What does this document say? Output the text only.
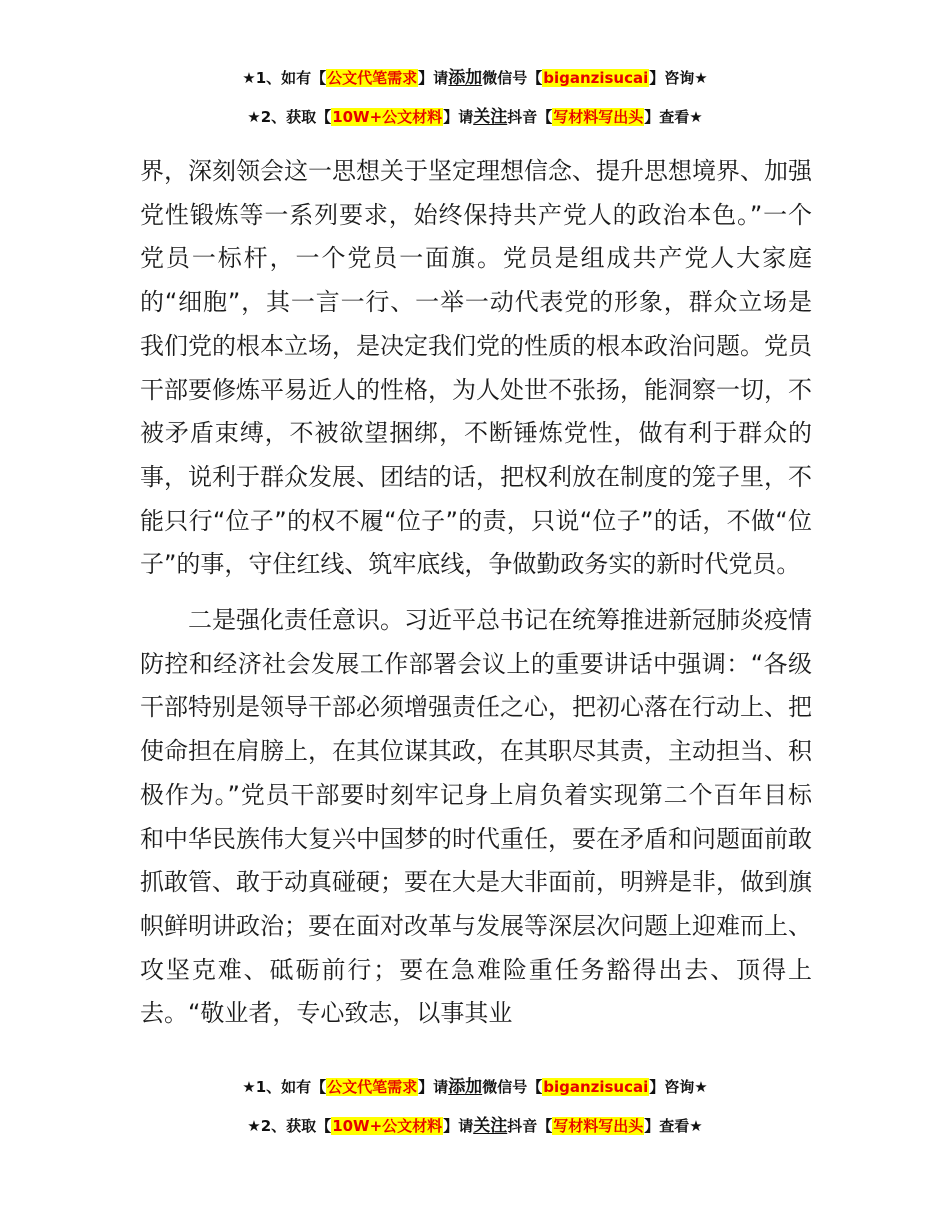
★1、如有【公文代笔需求】请添加微信号【biganzisucai】咨询★
★2、获取【10W+公文材料】请关注抖音【写材料写出头】查看★

界，深刻领会这一思想关于坚定理想信念、提升思想境界、加强党性锻炼等一系列要求，始终保持共产党人的政治本色。”一个党员一标杆，一个党员一面旗。党员是组成共产党人大家庭的“细胞”，其一言一行、一举一动代表党的形象，群众立场是我们党的根本立场，是决定我们党的性质的根本政治问题。党员干部要修炼平易近人的性格，为人处世不张扬，能洞察一切，不被矛盾束缚，不被欲望捆绑，不断锤炼党性，做有利于群众的事，说利于群众发展、团结的话，把权利放在制度的笼子里，不能只行“位子”的权不履“位子”的责，只说“位子”的话，不做“位子”的事，守住红线、筑牢底线，争做勤政务实的新时代党员。

二是强化责任意识。习近平总书记在统筹推进新冠肺炎疫情防控和经济社会发展工作部署会议上的重要讲话中强调：“各级干部特别是领导干部必须增强责任之心，把初心落在行动上、把使命担在肩膀上，在其位谋其政，在其职尽其责，主动担当、积极作为。”党员干部要时刻牢记身上肩负着实现第二个百年目标和中华民族伟大复兴中国梦的时代重任，要在矛盾和问题面前敢抓敢管、敢于动真碰硬；要在大是大非面前，明辨是非，做到旗帜鲜明讲政治；要在面对改革与发展等深层次问题上迎难而上、攻坚克难、砥砺前行；要在急难险重任务豁得出去、顶得上去。“敬业者，专心致志，以事其业

★1、如有【公文代笔需求】请添加微信号【biganzisucai】咨询★
★2、获取【10W+公文材料】请关注抖音【写材料写出头】查看★
